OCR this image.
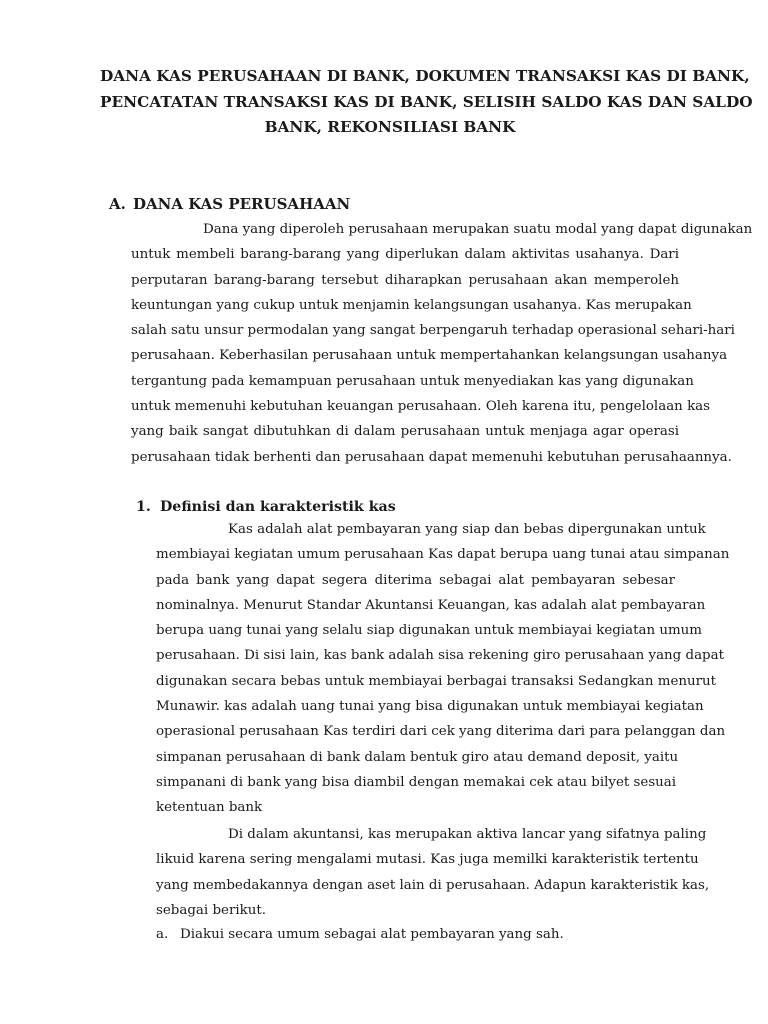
DANA KAS PERUSAHAAN DI BANK, DOKUMEN TRANSAKSI KAS DI BANK,
PENCATATAN TRANSAKSI KAS DI BANK, SELISIH SALDO KAS DAN SALDO
BANK, REKONSILIASI BANK
A. DANA KAS PERUSAHAAN
Dana yang diperoleh perusahaan merupakan suatu modal yang dapat digunakan
untuk membeli barang-barang yang diperlukan dalam aktivitas usahanya. Dari
perputaran barang-barang tersebut diharapkan perusahaan akan memperoleh
keuntungan yang cukup untuk menjamin kelangsungan usahanya. Kas merupakan
salah satu unsur permodalan yang sangat berpengaruh terhadap operasional sehari-hari
perusahaan. Keberhasilan perusahaan untuk mempertahankan kelangsungan usahanya
tergantung pada kemampuan perusahaan untuk menyediakan kas yang digunakan
untuk memenuhi kebutuhan keuangan perusahaan. Oleh karena itu, pengelolaan kas
yang baik sangat dibutuhkan di dalam perusahaan untuk menjaga agar operasi
perusahaan tidak berhenti dan perusahaan dapat memenuhi kebutuhan perusahaannya.
1. Definisi dan karakteristik kas
Kas adalah alat pembayaran yang siap dan bebas dipergunakan untuk
membiayai kegiatan umum perusahaan Kas dapat berupa uang tunai atau simpanan
pada bank yang dapat segera diterima sebagai alat pembayaran sebesar
nominalnya. Menurut Standar Akuntansi Keuangan, kas adalah alat pembayaran
berupa uang tunai yang selalu siap digunakan untuk membiayai kegiatan umum
perusahaan. Di sisi lain, kas bank adalah sisa rekening giro perusahaan yang dapat
digunakan secara bebas untuk membiayai berbagai transaksi Sedangkan menurut
Munawir. kas adalah uang tunai yang bisa digunakan untuk membiayai kegiatan
operasional perusahaan Kas terdiri dari cek yang diterima dari para pelanggan dan
simpanan perusahaan di bank dalam bentuk giro atau demand deposit, yaitu
simpanani di bank yang bisa diambil dengan memakai cek atau bilyet sesuai
ketentuan bank
Di dalam akuntansi, kas merupakan aktiva lancar yang sifatnya paling
likuid karena sering mengalami mutasi. Kas juga memilki karakteristik tertentu
yang membedakannya dengan aset lain di perusahaan. Adapun karakteristik kas,
sebagai berikut.
a. Diakui secara umum sebagai alat pembayaran yang sah.
